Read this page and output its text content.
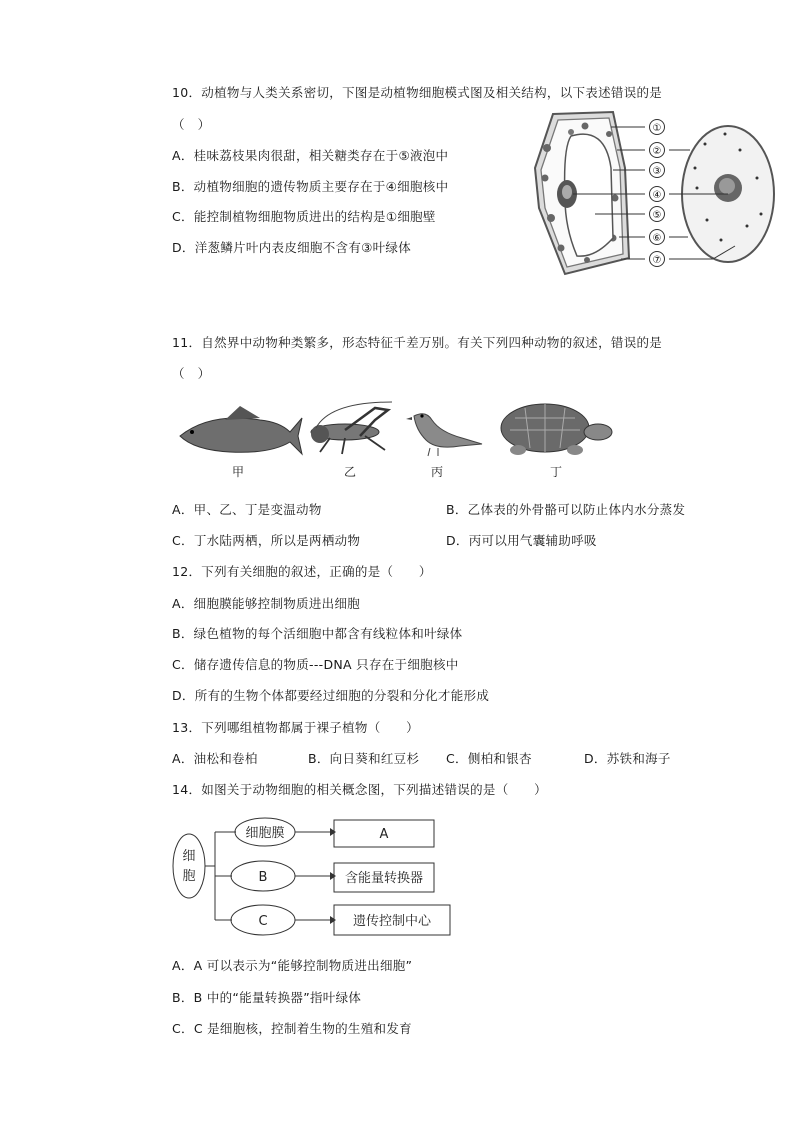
10．动植物与人类关系密切，下图是动植物细胞模式图及相关结构，以下表述错误的是
（　）
A．桂味荔枝果肉很甜，相关糖类存在于⑤液泡中
B．动植物细胞的遗传物质主要存在于④细胞核中
C．能控制植物细胞物质进出的结构是①细胞壁
D．洋葱鳞片叶内表皮细胞不含有③叶绿体
①
②
③
④
⑤
⑥
⑦
11．自然界中动物种类繁多，形态特征千差万别。有关下列四种动物的叙述，错误的是
（　）
甲	乙	丙	丁
A．甲、乙、丁是变温动物	B．乙体表的外骨骼可以防止体内水分蒸发
C．丁水陆两栖，所以是两栖动物	D．丙可以用气囊辅助呼吸
12．下列有关细胞的叙述，正确的是（　　）
A．细胞膜能够控制物质进出细胞
B．绿色植物的每个活细胞中都含有线粒体和叶绿体
C．储存遗传信息的物质---DNA 只存在于细胞核中
D．所有的生物个体都要经过细胞的分裂和分化才能形成
13．下列哪组植物都属于裸子植物（　　）
A．油松和卷柏	B．向日葵和红豆杉 C．侧柏和银杏	D．苏铁和海子
14．如图关于动物细胞的相关概念图，下列描述错误的是（　　）
细胞
细胞膜
B
C
A
含能量转换器
遗传控制中心
A．A 可以表示为“能够控制物质进出细胞”
B．B 中的“能量转换器”指叶绿体
C．C 是细胞核，控制着生物的生殖和发育
